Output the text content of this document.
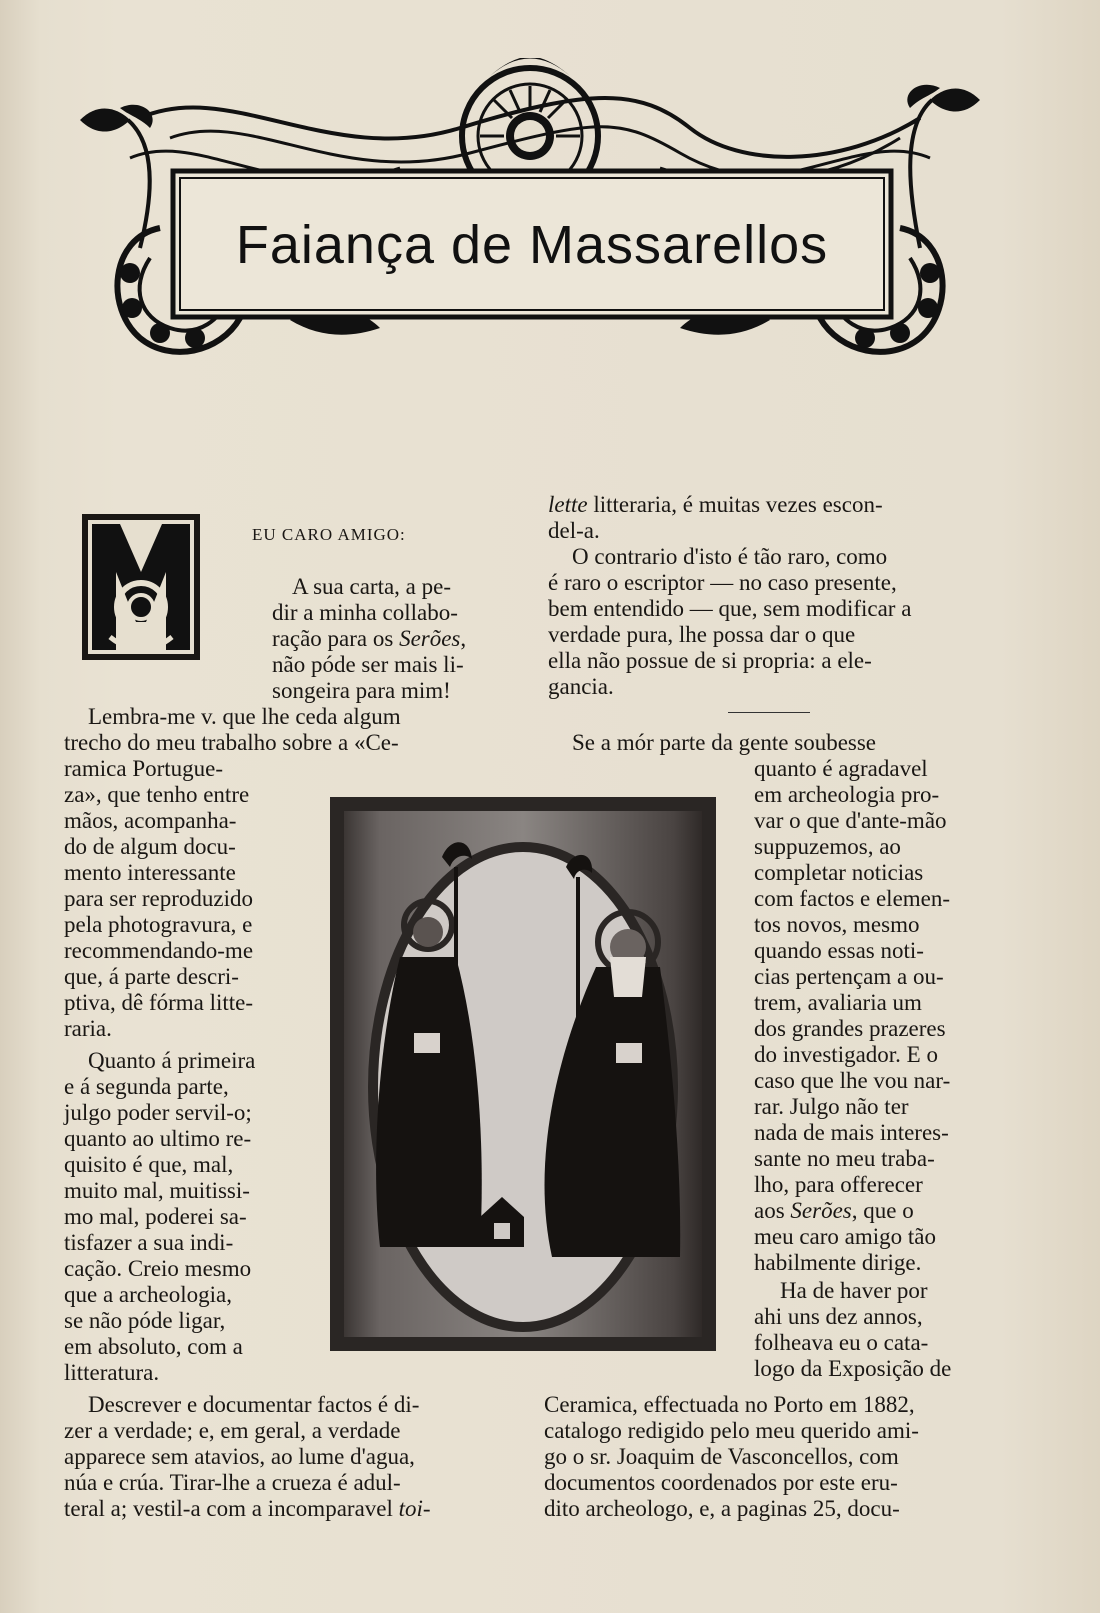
Faiança de Massarellos
EU CARO AMIGO:
A sua carta, a pe-
dir a minha collabo-
ração para os Serões,
não póde ser mais li-
songeira para mim!
Lembra-me v. que lhe ceda algum
trecho do meu trabalho sobre a «Ce-
ramica Portugue-
za», que tenho entre
mãos, acompanha-
do de algum docu-
mento interessante
para ser reproduzido
pela photogravura, e
recommendando-me
que, á parte descri-
ptiva, dê fórma litte-
raria.
Quanto á primeira
e á segunda parte,
julgo poder servil-o;
quanto ao ultimo re-
quisito é que, mal,
muito mal, muitissi-
mo mal, poderei sa-
tisfazer a sua indi-
cação. Creio mesmo
que a archeologia,
se não póde ligar,
em absoluto, com a
litteratura.
Descrever e documentar factos é di-
zer a verdade; e, em geral, a verdade
apparece sem atavios, ao lume d'agua,
núa e crúa. Tirar-lhe a crueza é adul-
teral a; vestil-a com a incomparavel toi-
lette litteraria, é muitas vezes escon-
del-a.
O contrario d'isto é tão raro, como
é raro o escriptor — no caso presente,
bem entendido — que, sem modificar a
verdade pura, lhe possa dar o que
ella não possue de si propria: a ele-
gancia.
Se a mór parte da gente soubesse
quanto é agradavel
em archeologia pro-
var o que d'ante-mão
suppuzemos, ao
completar noticias
com factos e elemen-
tos novos, mesmo
quando essas noti-
cias pertençam a ou-
trem, avaliaria um
dos grandes prazeres
do investigador. E o
caso que lhe vou nar-
rar. Julgo não ter
nada de mais interes-
sante no meu traba-
lho, para offerecer
aos Serões, que o
meu caro amigo tão
habilmente dirige.
Ha de haver por
ahi uns dez annos,
folheava eu o cata-
logo da Exposição de
Ceramica, effectuada no Porto em 1882,
catalogo redigido pelo meu querido ami-
go o sr. Joaquim de Vasconcellos, com
documentos coordenados por este eru-
dito archeologo, e, a paginas 25, docu-
